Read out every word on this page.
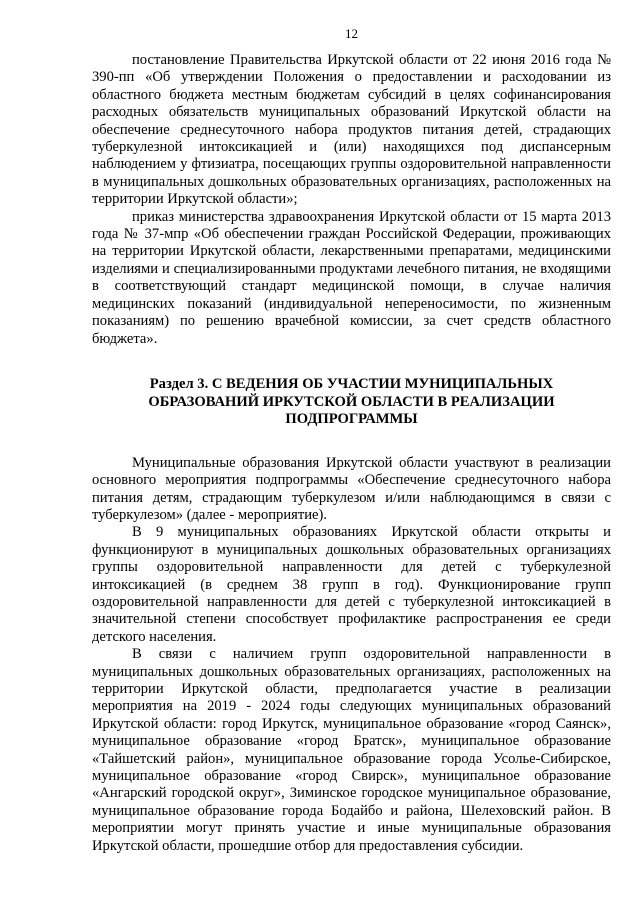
12

постановление Правительства Иркутской области от 22 июня 2016 года № 390-пп «Об утверждении Положения о предоставлении и расходовании из областного бюджета местным бюджетам субсидий в целях софинансирования расходных обязательств муниципальных образований Иркутской области на обеспечение среднесуточного набора продуктов питания детей, страдающих туберкулезной интоксикацией и (или) находящихся под диспансерным наблюдением у фтизиатра, посещающих группы оздоровительной направленности в муниципальных дошкольных образовательных организациях, расположенных на территории Иркутской области»;

приказ министерства здравоохранения Иркутской области от 15 марта 2013 года № 37-мпр «Об обеспечении граждан Российской Федерации, проживающих на территории Иркутской области, лекарственными препаратами, медицинскими изделиями и специализированными продуктами лечебного питания, не входящими в соответствующий стандарт медицинской помощи, в случае наличия медицинских показаний (индивидуальной непереносимости, по жизненным показаниям) по решению врачебной комиссии, за счет средств областного бюджета».

Раздел 3. С ВЕДЕНИЯ ОБ УЧАСТИИ МУНИЦИПАЛЬНЫХ ОБРАЗОВАНИЙ ИРКУТСКОЙ ОБЛАСТИ В РЕАЛИЗАЦИИ ПОДПРОГРАММЫ

Муниципальные образования Иркутской области участвуют в реализации основного мероприятия подпрограммы «Обеспечение среднесуточного набора питания детям, страдающим туберкулезом и/или наблюдающимся в связи с туберкулезом» (далее - мероприятие).

В 9 муниципальных образованиях Иркутской области открыты и функционируют в муниципальных дошкольных образовательных организациях группы оздоровительной направленности для детей с туберкулезной интоксикацией (в среднем 38 групп в год). Функционирование групп оздоровительной направленности для детей с туберкулезной интоксикацией в значительной степени способствует профилактике распространения ее среди детского населения.

В связи с наличием групп оздоровительной направленности в муниципальных дошкольных образовательных организациях, расположенных на территории Иркутской области, предполагается участие в реализации мероприятия на 2019 - 2024 годы следующих муниципальных образований Иркутской области: город Иркутск, муниципальное образование «город Саянск», муниципальное образование «город Братск», муниципальное образование «Тайшетский район», муниципальное образование города Усолье-Сибирское, муниципальное образование «город Свирск», муниципальное образование «Ангарский городской округ», Зиминское городское муниципальное образование, муниципальное образование города Бодайбо и района, Шелеховский район. В мероприятии могут принять участие и иные муниципальные образования Иркутской области, прошедшие отбор для предоставления субсидии.
